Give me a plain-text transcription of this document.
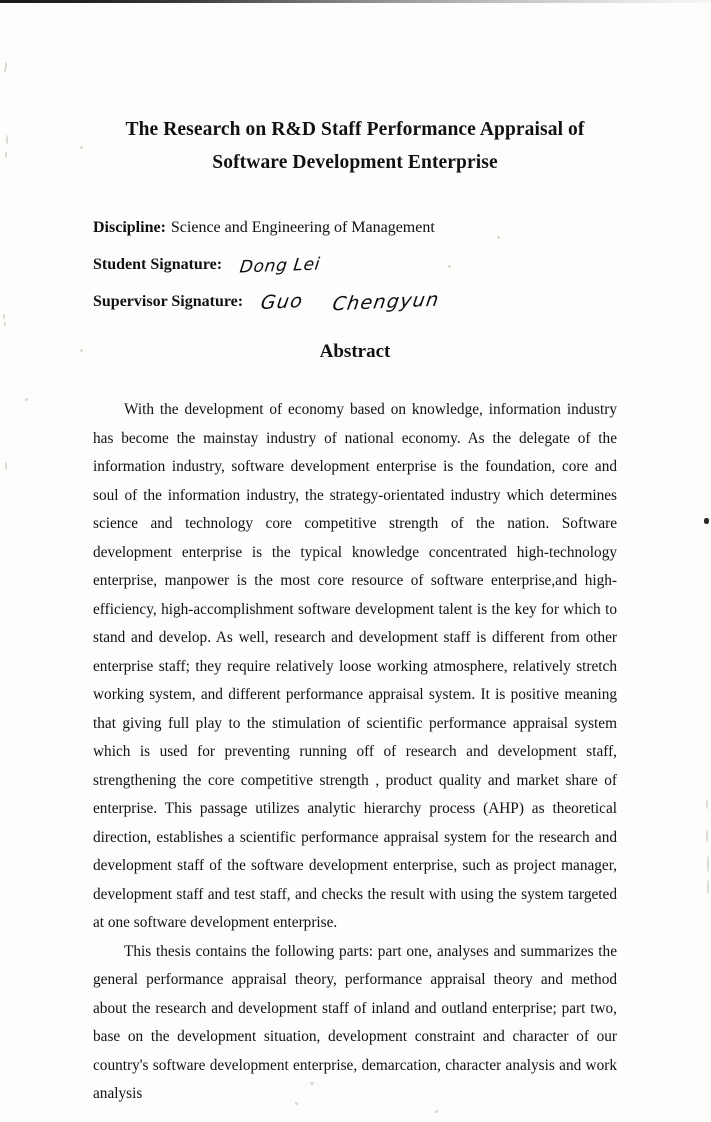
The Research on R&D Staff Performance Appraisal of
Software Development Enterprise
Discipline: Science and Engineering of Management
Student Signature: Dong Lei
Supervisor Signature: Guo Chengyun
Abstract

With the development of economy based on knowledge, information industry has become the mainstay industry of national economy. As the delegate of the information industry, software development enterprise is the foundation, core and soul of the information industry, the strategy-orientated industry which determines science and technology core competitive strength of the nation. Software development enterprise is the typical knowledge concentrated high-technology enterprise, manpower is the most core resource of software enterprise,and high-efficiency, high-accomplishment software development talent is the key for which to stand and develop. As well, research and development staff is different from other enterprise staff; they require relatively loose working atmosphere, relatively stretch working system, and different performance appraisal system. It is positive meaning that giving full play to the stimulation of scientific performance appraisal system which is used for preventing running off of research and development staff, strengthening the core competitive strength , product quality and market share of enterprise. This passage utilizes analytic hierarchy process (AHP) as theoretical direction, establishes a scientific performance appraisal system for the research and development staff of the software development enterprise, such as project manager, development staff and test staff, and checks the result with using the system targeted at one software development enterprise.

This thesis contains the following parts: part one, analyses and summarizes the general performance appraisal theory, performance appraisal theory and method about the research and development staff of inland and outland enterprise; part two, base on the development situation, development constraint and character of our country's software development enterprise, demarcation, character analysis and work analysis
